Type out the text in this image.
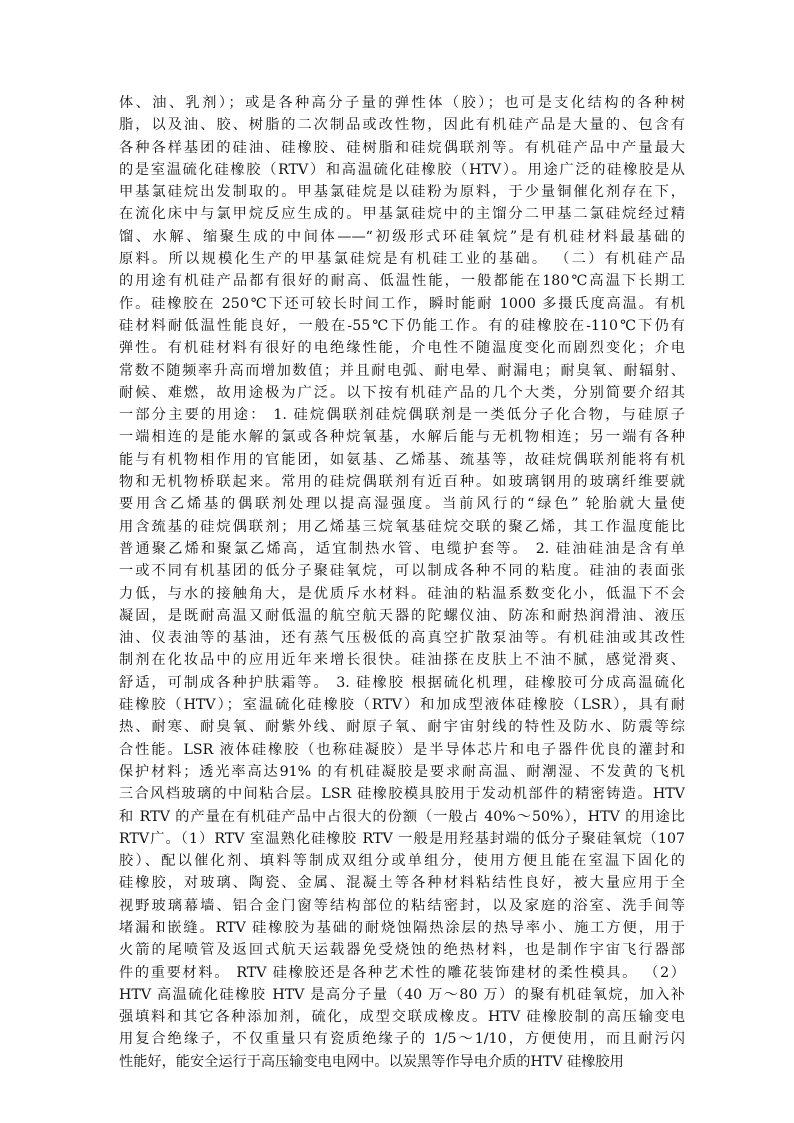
体、油、乳剂）；或是各种高分子量的弹性体（胶）；也可是支化结构的各种树
脂，以及油、胶、树脂的二次制品或改性物，因此有机硅产品是大量的、包含有
各种各样基团的硅油、硅橡胶、硅树脂和硅烷偶联剂等。有机硅产品中产量最大
的是室温硫化硅橡胶（RTV）和高温硫化硅橡胶（HTV）。用途广泛的硅橡胶是从
甲基氯硅烷出发制取的。甲基氯硅烷是以硅粉为原料，于少量铜催化剂存在下，
在流化床中与氯甲烷反应生成的。甲基氯硅烷中的主馏分二甲基二氯硅烷经过精
馏、水解、缩聚生成的中间体——“初级形式环硅氧烷”是有机硅材料最基础的
原料。所以规模化生产的甲基氯硅烷是有机硅工业的基础。 （二）有机硅产品
的用途有机硅产品都有很好的耐高、低温性能，一般都能在180℃高温下长期工
作。硅橡胶在 250℃下还可较长时间工作，瞬时能耐 1000 多摄氏度高温。有机
硅材料耐低温性能良好，一般在-55℃下仍能工作。有的硅橡胶在-110℃下仍有
弹性。有机硅材料有很好的电绝缘性能，介电性不随温度变化而剧烈变化；介电
常数不随频率升高而增加数值；并且耐电弧、耐电晕、耐漏电；耐臭氧、耐辐射、
耐候、难燃，故用途极为广泛。以下按有机硅产品的几个大类，分别简要介绍其
一部分主要的用途： 1. 硅烷偶联剂硅烷偶联剂是一类低分子化合物，与硅原子
一端相连的是能水解的氯或各种烷氧基，水解后能与无机物相连；另一端有各种
能与有机物相作用的官能团，如氨基、乙烯基、巯基等，故硅烷偶联剂能将有机
物和无机物桥联起来。常用的硅烷偶联剂有近百种。如玻璃钢用的玻璃纤维要就
要用含乙烯基的偶联剂处理以提高湿强度。当前风行的“绿色” 轮胎就大量使
用含巯基的硅烷偶联剂；用乙烯基三烷氧基硅烷交联的聚乙烯，其工作温度能比
普通聚乙烯和聚氯乙烯高，适宜制热水管、电缆护套等。 2. 硅油硅油是含有单
一或不同有机基团的低分子聚硅氧烷，可以制成各种不同的粘度。硅油的表面张
力低，与水的接触角大，是优质斥水材料。硅油的粘温系数变化小，低温下不会
凝固，是既耐高温又耐低温的航空航天器的陀螺仪油、防冻和耐热润滑油、液压
油、仪表油等的基油，还有蒸气压极低的高真空扩散泵油等。有机硅油或其改性
制剂在化妆品中的应用近年来增长很快。硅油搽在皮肤上不油不腻，感觉滑爽、
舒适，可制成各种护肤霜等。 3. 硅橡胶 根据硫化机理，硅橡胶可分成高温硫化
硅橡胶（HTV）；室温硫化硅橡胶（RTV）和加成型液体硅橡胶（LSR），具有耐
热、耐寒、耐臭氧、耐紫外线、耐原子氧、耐宇宙射线的特性及防水、防震等综
合性能。LSR 液体硅橡胶（也称硅凝胶）是半导体芯片和电子器件优良的灌封和
保护材料；透光率高达91% 的有机硅凝胶是要求耐高温、耐潮湿、不发黄的飞机
三合风档玻璃的中间粘合层。LSR 硅橡胶模具胶用于发动机部件的精密铸造。HTV
和 RTV 的产量在有机硅产品中占很大的份额（一般占 40%～50%），HTV 的用途比
RTV广。（1）RTV 室温熟化硅橡胶 RTV 一般是用羟基封端的低分子聚硅氧烷（107
胶）、配以催化剂、填料等制成双组分或单组分，使用方便且能在室温下固化的
硅橡胶，对玻璃、陶瓷、金属、混凝土等各种材料粘结性良好，被大量应用于全
视野玻璃幕墙、铝合金门窗等结构部位的粘结密封，以及家庭的浴室、洗手间等
堵漏和嵌缝。RTV 硅橡胶为基础的耐烧蚀隔热涂层的热导率小、施工方便，用于
火箭的尾喷管及返回式航天运载器免受烧蚀的绝热材料，也是制作宇宙飞行器部
件的重要材料。 RTV 硅橡胶还是各种艺术性的雕花装饰建材的柔性模具。 （2）
HTV 高温硫化硅橡胶 HTV 是高分子量（40 万～80 万）的聚有机硅氧烷，加入补
强填料和其它各种添加剂，硫化，成型交联成橡皮。HTV 硅橡胶制的高压输变电
用复合绝缘子，不仅重量只有瓷质绝缘子的 1/5～1/10，方便使用，而且耐污闪
性能好，能安全运行于高压输变电电网中。以炭黑等作导电介质的HTV 硅橡胶用
